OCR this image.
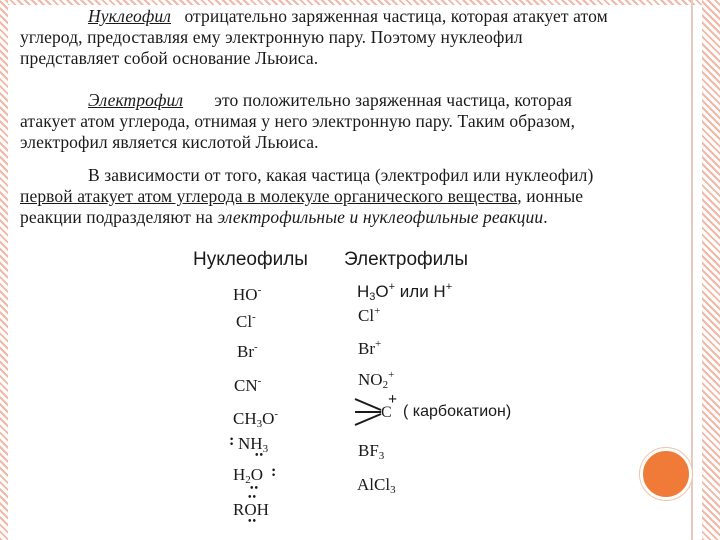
Нуклеофил отрицательно заряженная частица, которая атакует атом
углерод, предоставляя ему электронную пару. Поэтому нуклеофил
представляет собой основание Льюиса.
Электрофил это положительно заряженная частица, которая
атакует атом углерода, отнимая у него электронную пару. Таким образом,
электрофил является кислотой Льюиса.
В зависимости от того, какая частица (электрофил или нуклеофил)
первой атакует атом углерода в молекуле органического вещества, ионные
реакции подразделяют на электрофильные и нуклеофильные реакции.
Нуклеофилы Электрофилы
HO-
Cl-
Br-
CN-
$CH_3O^-$
: $NH_3$
••
$H_2O$ :
••
••
ROH
••
$H_3O^+$ или H+
Cl+
Br+
$NO_2^+$
C
+
( карбокатион)
$BF_3$
AlCl$_3$
